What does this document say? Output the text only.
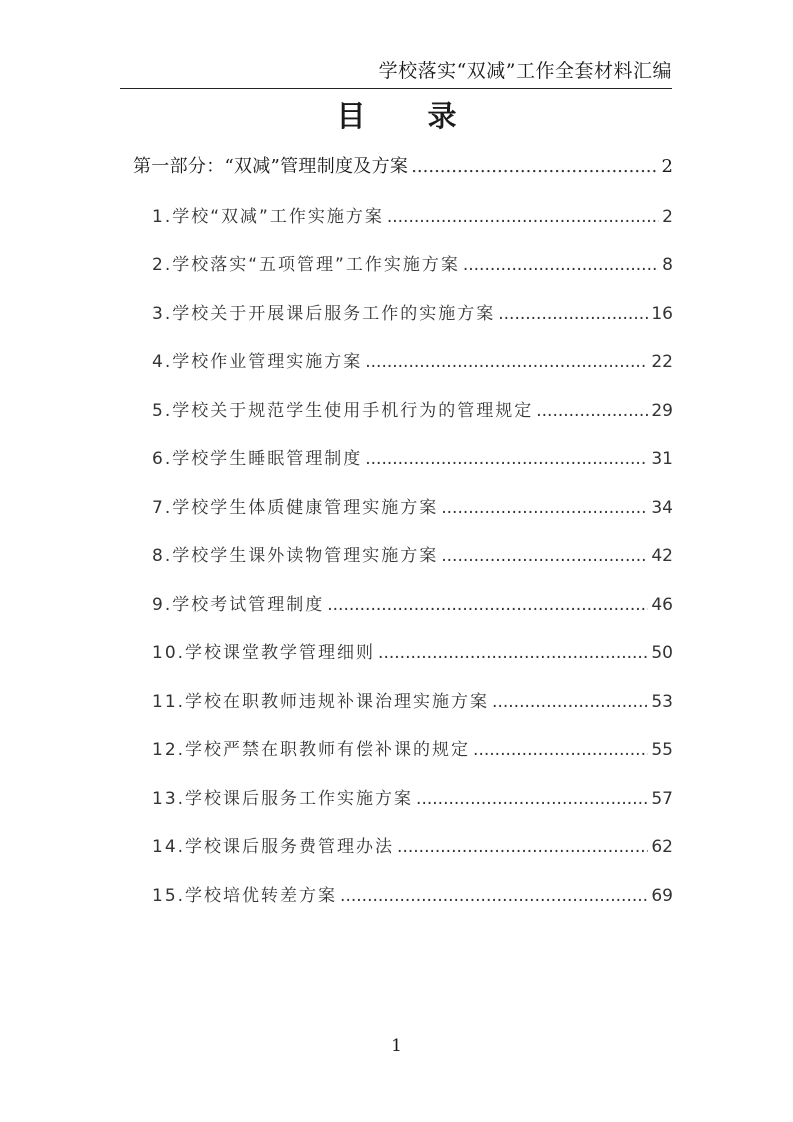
学校落实“双减”工作全套材料汇编
目 录
第一部分：“双减”管理制度及方案 .....	2
1.学校“双减”工作实施方案 .....	2
2.学校落实“五项管理”工作实施方案 .....	8
3.学校关于开展课后服务工作的实施方案 .....	16
4.学校作业管理实施方案 .....	22
5.学校关于规范学生使用手机行为的管理规定 .....	29
6.学校学生睡眠管理制度 .....	31
7.学校学生体质健康管理实施方案 .....	34
8.学校学生课外读物管理实施方案 .....	42
9.学校考试管理制度 .....	46
10.学校课堂教学管理细则 .....	50
11.学校在职教师违规补课治理实施方案 .....	53
12.学校严禁在职教师有偿补课的规定 .....	55
13.学校课后服务工作实施方案 .....	57
14.学校课后服务费管理办法 .....	62
15.学校培优转差方案 .....	69
1
